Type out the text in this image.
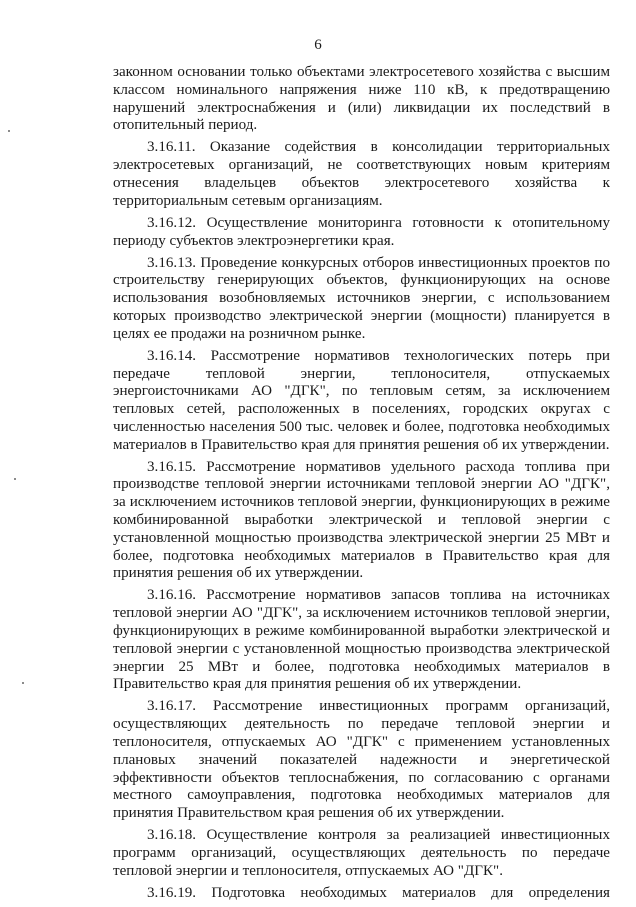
6

законном основании только объектами электросетевого хозяйства с высшим классом номинального напряжения ниже 110 кВ, к предотвращению нарушений электроснабжения и (или) ликвидации их последствий в отопительный период.

3.16.11. Оказание содействия в консолидации территориальных электросетевых организаций, не соответствующих новым критериям отнесения владельцев объектов электросетевого хозяйства к территориальным сетевым организациям.

3.16.12. Осуществление мониторинга готовности к отопительному периоду субъектов электроэнергетики края.

3.16.13. Проведение конкурсных отборов инвестиционных проектов по строительству генерирующих объектов, функционирующих на основе использования возобновляемых источников энергии, с использованием которых производство электрической энергии (мощности) планируется в целях ее продажи на розничном рынке.

3.16.14. Рассмотрение нормативов технологических потерь при передаче тепловой энергии, теплоносителя, отпускаемых энергоисточниками АО "ДГК", по тепловым сетям, за исключением тепловых сетей, расположенных в поселениях, городских округах с численностью населения 500 тыс. человек и более, подготовка необходимых материалов в Правительство края для принятия решения об их утверждении.

3.16.15. Рассмотрение нормативов удельного расхода топлива при производстве тепловой энергии источниками тепловой энергии АО "ДГК", за исключением источников тепловой энергии, функционирующих в режиме комбинированной выработки электрической и тепловой энергии с установленной мощностью производства электрической энергии 25 МВт и более, подготовка необходимых материалов в Правительство края для принятия решения об их утверждении.

3.16.16. Рассмотрение нормативов запасов топлива на источниках тепловой энергии АО "ДГК", за исключением источников тепловой энергии, функционирующих в режиме комбинированной выработки электрической и тепловой энергии с установленной мощностью производства электрической энергии 25 МВт и более, подготовка необходимых материалов в Правительство края для принятия решения об их утверждении.

3.16.17. Рассмотрение инвестиционных программ организаций, осуществляющих деятельность по передаче тепловой энергии и теплоносителя, отпускаемых АО "ДГК" с применением установленных плановых значений показателей надежности и энергетической эффективности объектов теплоснабжения, по согласованию с органами местного самоуправления, подготовка необходимых материалов для принятия Правительством края решения об их утверждении.

3.16.18. Осуществление контроля за реализацией инвестиционных программ организаций, осуществляющих деятельность по передаче тепловой энергии и теплоносителя, отпускаемых АО "ДГК".

3.16.19. Подготовка необходимых материалов для определения
